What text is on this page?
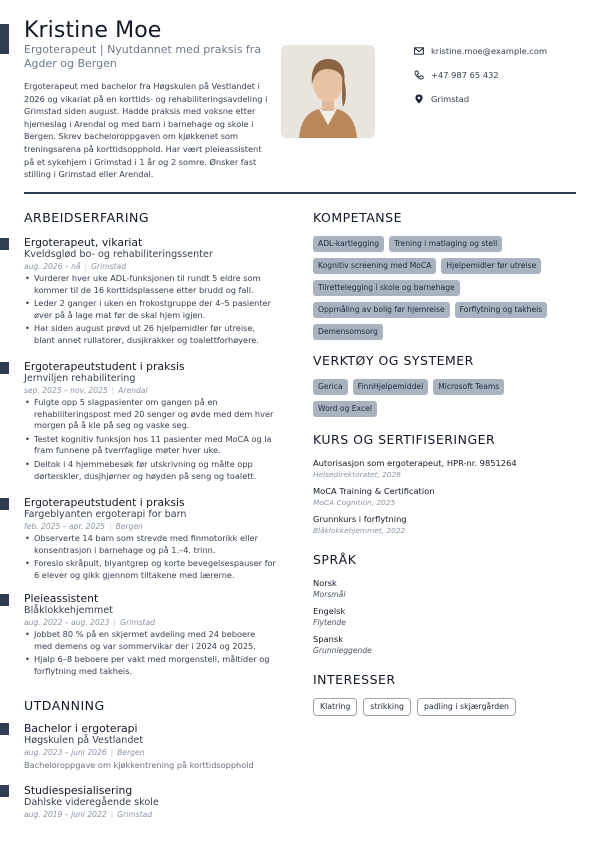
Kristine Moe
Ergoterapeut | Nyutdannet med praksis fra Agder og Bergen
Ergoterapeut med bachelor fra Høgskulen på Vestlandet i 2026 og vikariat på en korttids- og rehabiliteringsavdeling i Grimstad siden august. Hadde praksis med voksne etter hjerneslag i Arendal og med barn i barnehage og skole i Bergen. Skrev bacheloroppgaven om kjøkkenet som treningsarena på korttidsopphold. Har vært pleieassistent på et sykehjem i Grimstad i 1 år og 2 somre. Ønsker fast stilling i Grimstad eller Arendal.
kristine.moe@example.com
+47 987 65 432
Grimstad
ARBEIDSERFARING
Ergoterapeut, vikariat
Kveldsglød bo- og rehabiliteringssenter
aug. 2026 – nå | Grimstad
• Vurderer hver uke ADL-funksjonen til rundt 5 eldre som kommer til de 16 korttidsplassene etter brudd og fall.
• Leder 2 ganger i uken en frokostgruppe der 4–5 pasienter øver på å lage mat før de skal hjem igjen.
• Har siden august prøvd ut 26 hjelpemidler før utreise, blant annet rullatorer, dusjkrakker og toalettforhøyere.
Ergoterapeutstudent i praksis
Jernviljen rehabilitering
sep. 2025 – nov. 2025 | Arendal
• Fulgte opp 5 slagpasienter om gangen på en rehabiliteringspost med 20 senger og øvde med dem hver morgen på å kle på seg og vaske seg.
• Testet kognitiv funksjon hos 11 pasienter med MoCA og la fram funnene på tverrfaglige møter hver uke.
• Deltok i 4 hjemmebesøk før utskrivning og målte opp dørterskler, dusjhjørner og høyden på seng og toalett.
Ergoterapeutstudent i praksis
Fargeblyanten ergoterapi for barn
feb. 2025 – apr. 2025 | Bergen
• Observerte 14 barn som strevde med finmotorikk eller konsentrasjon i barnehage og på 1.–4. trinn.
• Foreslo skråpult, blyantgrep og korte bevegelsespauser for 6 elever og gikk gjennom tiltakene med lærerne.
Pleieassistent
Blåklokkehjemmet
aug. 2022 – aug. 2023 | Grimstad
• Jobbet 80 % på en skjermet avdeling med 24 beboere med demens og var sommervikar der i 2024 og 2025.
• Hjalp 6–8 beboere per vakt med morgenstell, måltider og forflytning med takheis.
UTDANNING
Bachelor i ergoterapi
Høgskulen på Vestlandet
aug. 2023 – juni 2026 | Bergen
Bacheloroppgave om kjøkkentrening på korttidsopphold
Studiespesialisering
Dahlske videregående skole
aug. 2019 – juni 2022 | Grimstad
KOMPETANSE
ADL-kartlegging	Trening i matlaging og stell
Kognitiv screening med MoCA	Hjelpemidler før utreise
Tilrettelegging i skole og barnehage
Oppmåling av bolig før hjemreise	Forflytning og takheis
Demensomsorg
VERKTØY OG SYSTEMER
Gerica	FinnHjelpemiddel	Microsoft Teams
Word og Excel
KURS OG SERTIFISERINGER
Autorisasjon som ergoterapeut, HPR-nr. 9851264
Helsedirektoratet, 2026
MoCA Training & Certification
MoCA Cognition, 2025
Grunnkurs i forflytning
Blåklokkehjemmet, 2022
SPRÅK
Norsk
Morsmål
Engelsk
Flytende
Spansk
Grunnleggende
INTERESSER
Klatring	strikking	padling i skjærgården
